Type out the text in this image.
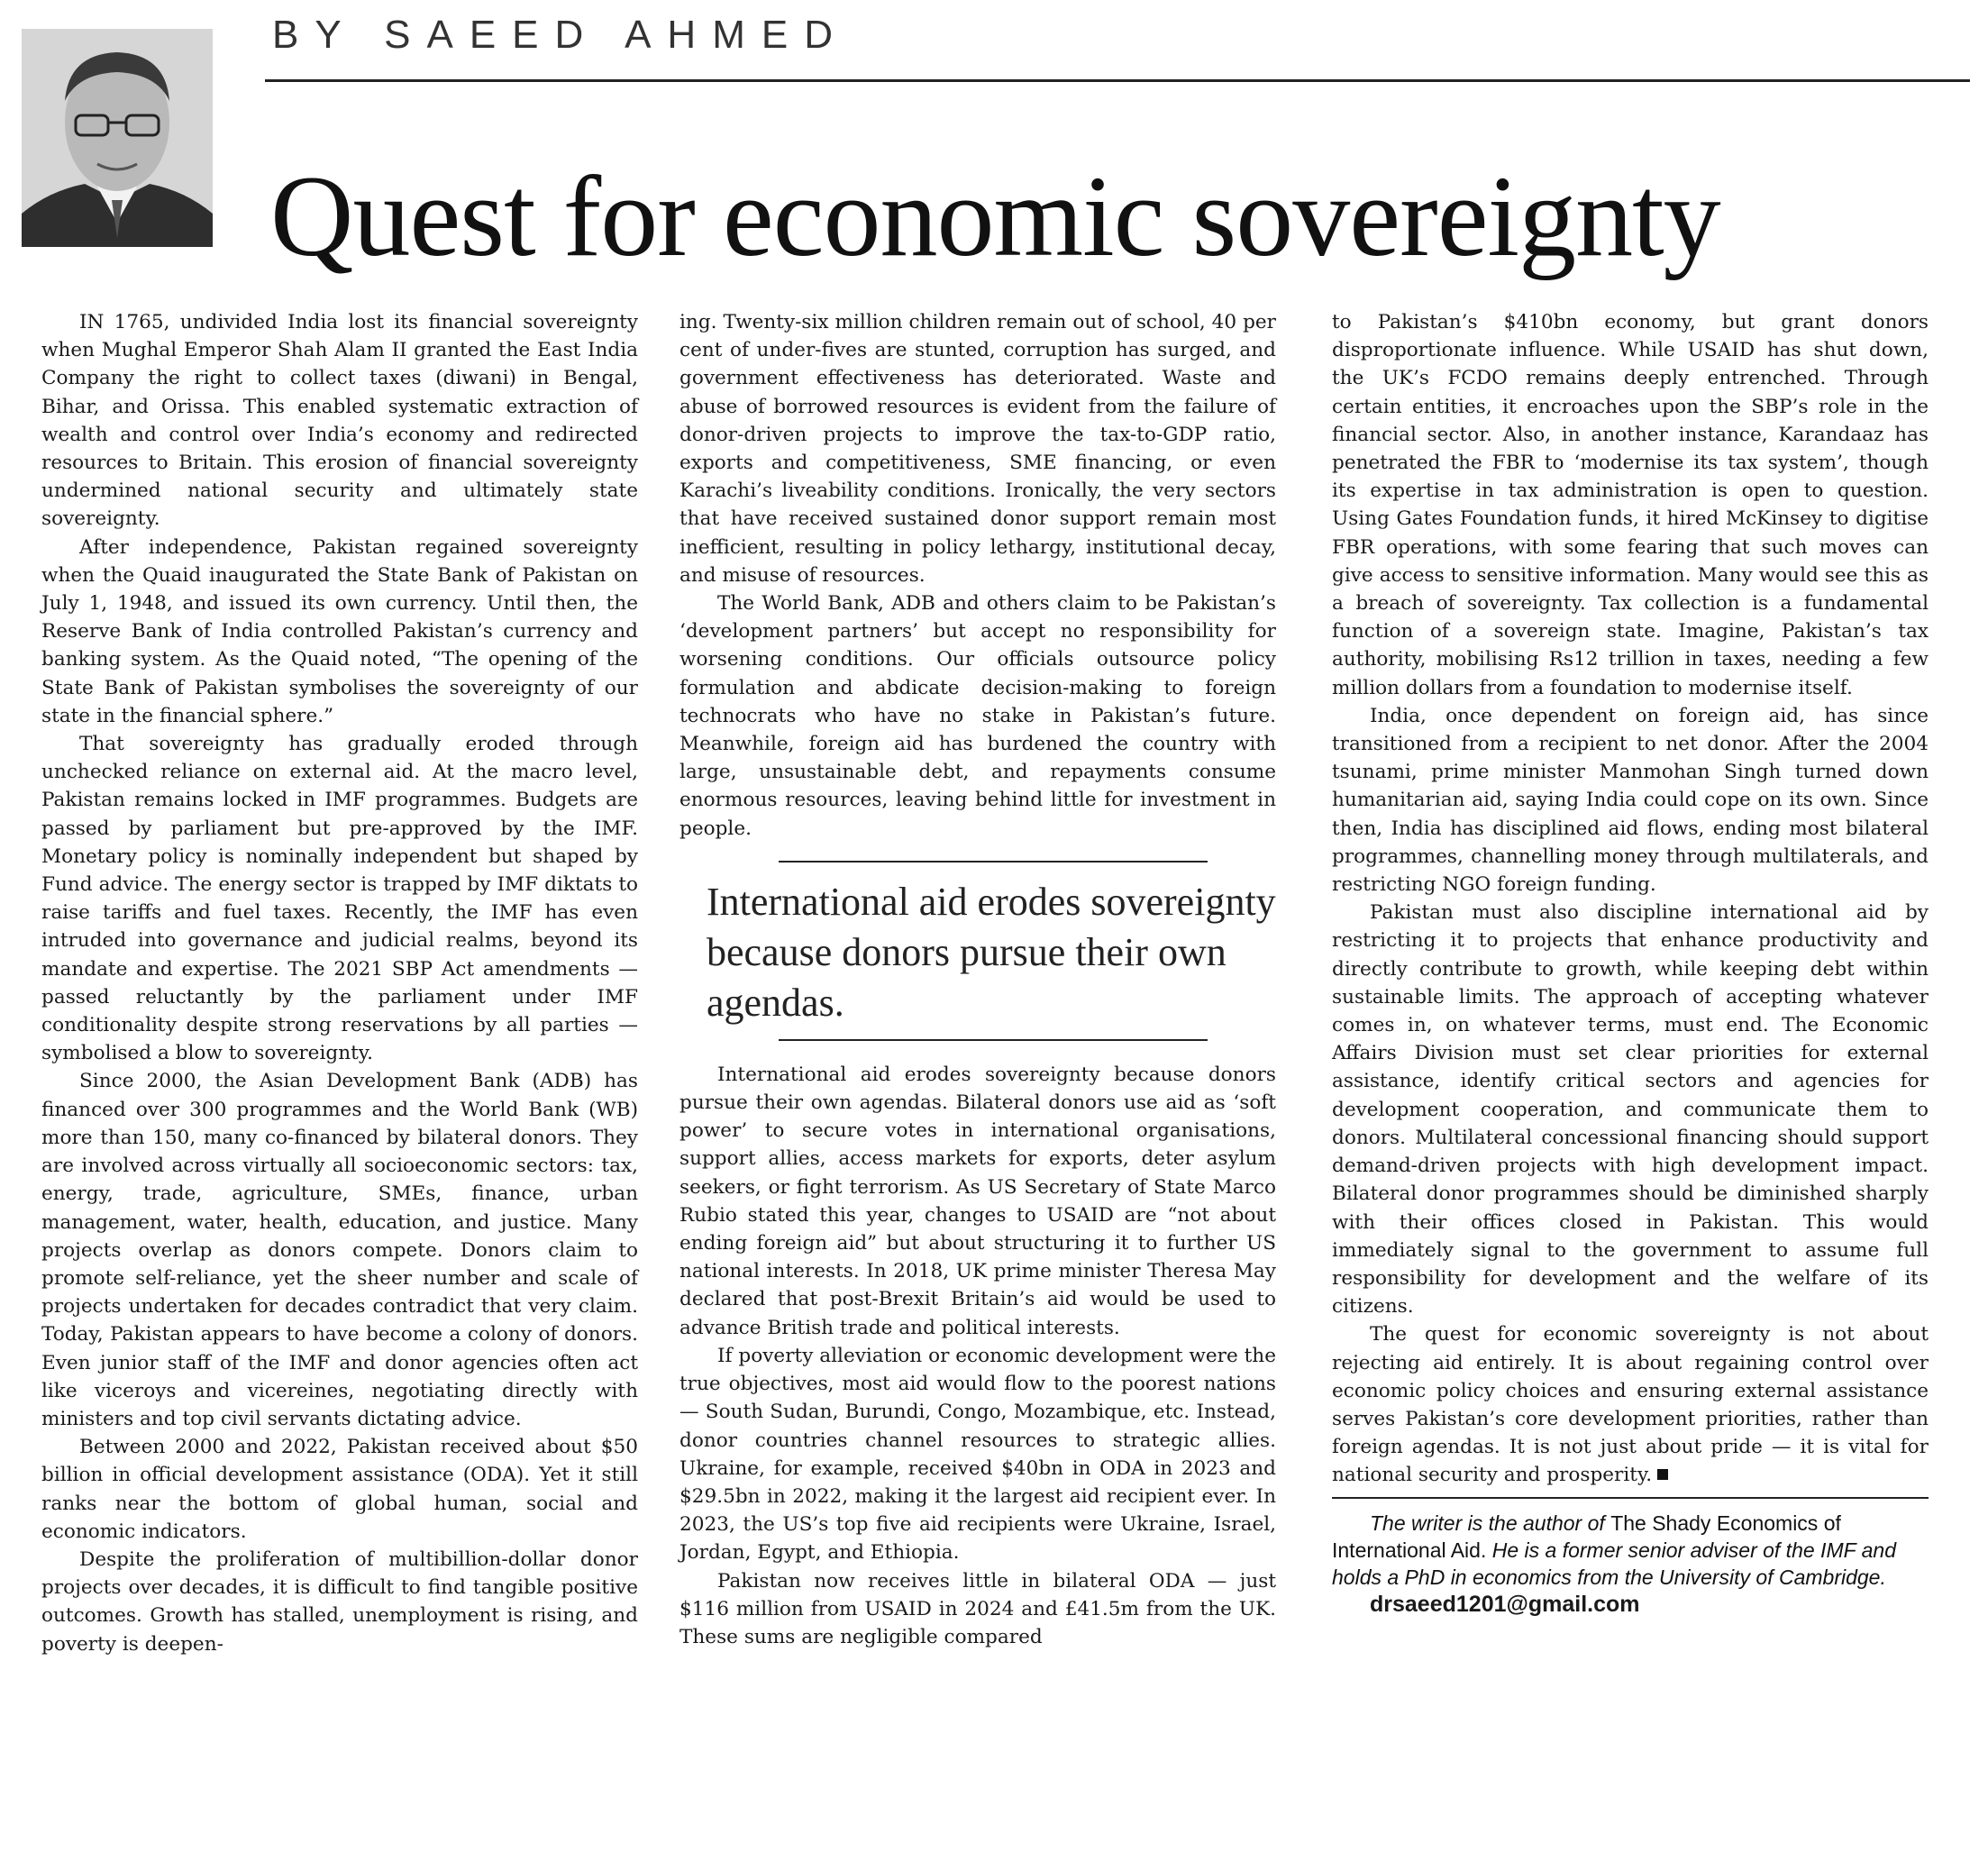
BY SAEED AHMED
Quest for economic sovereignty

IN 1765, undivided India lost its financial sovereignty when Mughal Emperor Shah Alam II granted the East India Company the right to collect taxes (diwani) in Bengal, Bihar, and Orissa. This enabled systematic extraction of wealth and control over India’s economy and redirected resources to Britain. This erosion of financial sovereignty undermined national security and ultimately state sovereignty.

After independence, Pakistan regained sovereignty when the Quaid inaugurated the State Bank of Pakistan on July 1, 1948, and issued its own currency. Until then, the Reserve Bank of India controlled Pakistan’s currency and banking system. As the Quaid noted, “The opening of the State Bank of Pakistan symbolises the sovereignty of our state in the financial sphere.”

That sovereignty has gradually eroded through unchecked reliance on external aid. At the macro level, Pakistan remains locked in IMF programmes. Budgets are passed by parliament but pre-approved by the IMF. Monetary policy is nominally independent but shaped by Fund advice. The energy sector is trapped by IMF diktats to raise tariffs and fuel taxes. Recently, the IMF has even intruded into governance and judicial realms, beyond its mandate and expertise. The 2021 SBP Act amendments — passed reluctantly by the parliament under IMF conditionality despite strong reservations by all parties — symbolised a blow to sovereignty.

Since 2000, the Asian Development Bank (ADB) has financed over 300 programmes and the World Bank (WB) more than 150, many co-financed by bilateral donors. They are involved across virtually all socioeconomic sectors: tax, energy, trade, agriculture, SMEs, finance, urban management, water, health, education, and justice. Many projects overlap as donors compete. Donors claim to promote self-reliance, yet the sheer number and scale of projects undertaken for decades contradict that very claim. Today, Pakistan appears to have become a colony of donors. Even junior staff of the IMF and donor agencies often act like viceroys and vicereines, negotiating directly with ministers and top civil servants dictating advice.

Between 2000 and 2022, Pakistan received about $50 billion in official development assistance (ODA). Yet it still ranks near the bottom of global human, social and economic indicators.

Despite the proliferation of multibillion-dollar donor projects over decades, it is difficult to find tangible positive outcomes. Growth has stalled, unemployment is rising, and poverty is deepen-

ing. Twenty-six million children remain out of school, 40 per cent of under-fives are stunted, corruption has surged, and government effectiveness has deteriorated. Waste and abuse of borrowed resources is evident from the failure of donor-driven projects to improve the tax-to-GDP ratio, exports and competitiveness, SME financing, or even Karachi’s liveability conditions. Ironically, the very sectors that have received sustained donor support remain most inefficient, resulting in policy lethargy, institutional decay, and misuse of resources.

The World Bank, ADB and others claim to be Pakistan’s ‘development partners’ but accept no responsibility for worsening conditions. Our officials outsource policy formulation and abdicate decision-making to foreign technocrats who have no stake in Pakistan’s future. Meanwhile, foreign aid has burdened the country with large, unsustainable debt, and repayments consume enormous resources, leaving behind little for investment in people.

International aid erodes sovereignty because donors pursue their own agendas.

International aid erodes sovereignty because donors pursue their own agendas. Bilateral donors use aid as ‘soft power’ to secure votes in international organisations, support allies, access markets for exports, deter asylum seekers, or fight terrorism. As US Secretary of State Marco Rubio stated this year, changes to USAID are “not about ending foreign aid” but about structuring it to further US national interests. In 2018, UK prime minister Theresa May declared that post-Brexit Britain’s aid would be used to advance British trade and political interests.

If poverty alleviation or economic development were the true objectives, most aid would flow to the poorest nations — South Sudan, Burundi, Congo, Mozambique, etc. Instead, donor countries channel resources to strategic allies. Ukraine, for example, received $40bn in ODA in 2023 and $29.5bn in 2022, making it the largest aid recipient ever. In 2023, the US’s top five aid recipients were Ukraine, Israel, Jordan, Egypt, and Ethiopia.

Pakistan now receives little in bilateral ODA — just $116 million from USAID in 2024 and £41.5m from the UK. These sums are negligible compared

to Pakistan’s $410bn economy, but grant donors disproportionate influence. While USAID has shut down, the UK’s FCDO remains deeply entrenched. Through certain entities, it encroaches upon the SBP’s role in the financial sector. Also, in another instance, Karandaaz has penetrated the FBR to ‘modernise its tax system’, though its expertise in tax administration is open to question. Using Gates Foundation funds, it hired McKinsey to digitise FBR operations, with some fearing that such moves can give access to sensitive information. Many would see this as a breach of sovereignty. Tax collection is a fundamental function of a sovereign state. Imagine, Pakistan’s tax authority, mobilising Rs12 trillion in taxes, needing a few million dollars from a foundation to modernise itself.

India, once dependent on foreign aid, has since transitioned from a recipient to net donor. After the 2004 tsunami, prime minister Manmohan Singh turned down humanitarian aid, saying India could cope on its own. Since then, India has disciplined aid flows, ending most bilateral programmes, channelling money through multilaterals, and restricting NGO foreign funding.

Pakistan must also discipline international aid by restricting it to projects that enhance productivity and directly contribute to growth, while keeping debt within sustainable limits. The approach of accepting whatever comes in, on whatever terms, must end. The Economic Affairs Division must set clear priorities for external assistance, identify critical sectors and agencies for development cooperation, and communicate them to donors. Multilateral concessional financing should support demand-driven projects with high development impact. Bilateral donor programmes should be diminished sharply with their offices closed in Pakistan. This would immediately signal to the government to assume full responsibility for development and the welfare of its citizens.

The quest for economic sovereignty is not about rejecting aid entirely. It is about regaining control over economic policy choices and ensuring external assistance serves Pakistan’s core development priorities, rather than foreign agendas. It is not just about pride — it is vital for national security and prosperity.

The writer is the author of The Shady Economics of International Aid. He is a former senior adviser of the IMF and holds a PhD in economics from the University of Cambridge.

drsaeed1201@gmail.com
